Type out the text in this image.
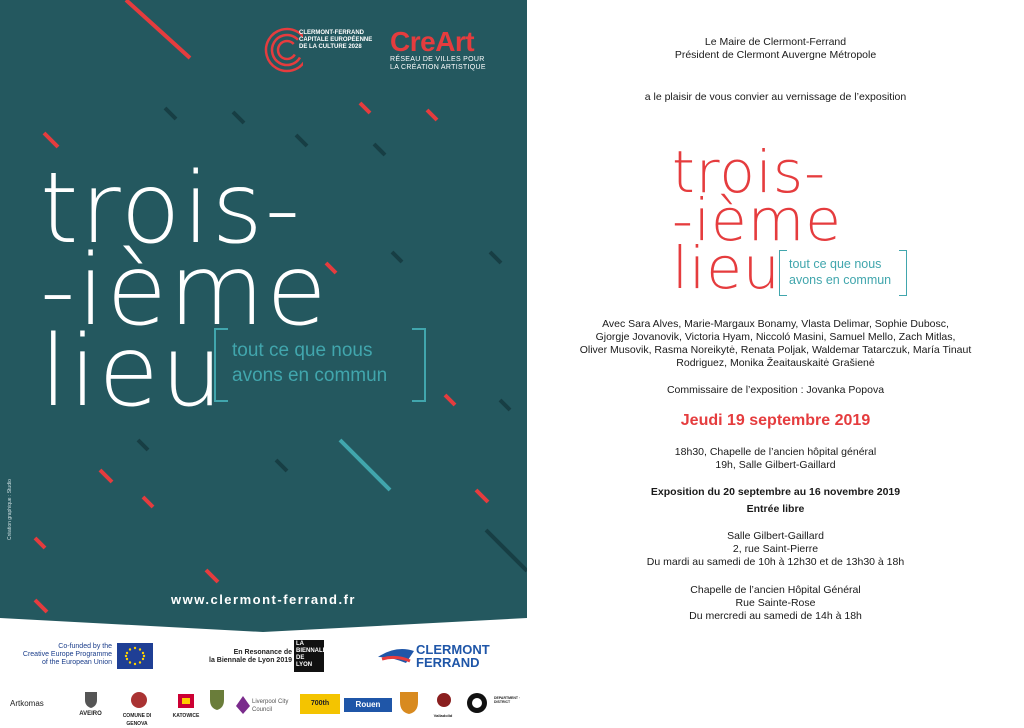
CLERMONT-FERRAND
CAPITALE EUROPÉENNE
DE LA CULTURE 2028	CreArt
RÉSEAU DE VILLES POUR
LA CRÉATION ARTISTIQUE
trois-
-ième
lieu tout ce que nous
avons en commun
Création graphique : Studio
www.clermont-ferrand.fr
Co-funded by the
Creative Europe Programme
of the European Union
En Resonance de
la Biennale de Lyon 2019
LA
BIENNALE
DE
LYON
CLERMONT
FERRAND
Artkomas
AVEIRO	COMUNE DI GENOVA
KATOWICE
Liverpool City Council
700th	Rouen
Valladolid
DEPARTMENT · DISTRICT
Le Maire de Clermont-Ferrand
Président de Clermont Auvergne Métropole
a le plaisir de vous convier au vernissage de l’exposition
trois-
-ième
lieu tout ce que nous
avons en commun
Avec Sara Alves, Marie-Margaux Bonamy, Vlasta Delimar, Sophie Dubosc,
Gjorgje Jovanovik, Victoria Hyam, Niccoló Masini, Samuel Mello, Zach Mitlas,
Oliver Musovik, Rasma Noreikytė, Renata Poljak, Waldemar Tatarczuk, María Tinaut
Rodriguez, Monika Žeaitauskaitė Grašienė
Commissaire de l’exposition : Jovanka Popova
Jeudi 19 septembre 2019
18h30, Chapelle de l’ancien hôpital général
19h, Salle Gilbert-Gaillard
Exposition du 20 septembre au 16 novembre 2019
Entrée libre
Salle Gilbert-Gaillard
2, rue Saint-Pierre
Du mardi au samedi de 10h à 12h30 et de 13h30 à 18h
Chapelle de l’ancien Hôpital Général
Rue Sainte-Rose
Du mercredi au samedi de 14h à 18h
